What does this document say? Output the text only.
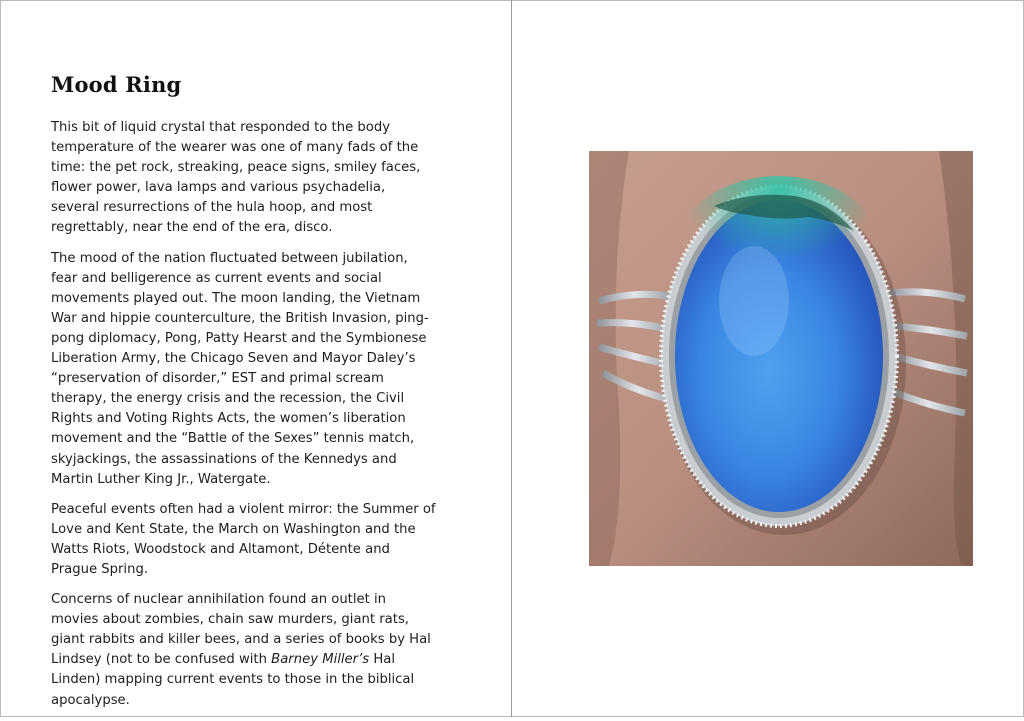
Mood Ring

This bit of liquid crystal that responded to the body temperature of the wearer was one of many fads of the time: the pet rock, streaking, peace signs, smiley faces, flower power, lava lamps and various psychadelia, several resurrections of the hula hoop, and most regrettably, near the end of the era, disco.

The mood of the nation fluctuated between jubilation, fear and belligerence as current events and social movements played out. The moon landing, the Vietnam War and hippie counterculture, the British Invasion, ping-pong diplomacy, Pong, Patty Hearst and the Symbionese Liberation Army, the Chicago Seven and Mayor Daley’s “preservation of disorder,” EST and primal scream therapy, the energy crisis and the recession, the Civil Rights and Voting Rights Acts, the women’s liberation movement and the “Battle of the Sexes” tennis match, skyjackings, the assassinations of the Kennedys and Martin Luther King Jr., Watergate.

Peaceful events often had a violent mirror: the Summer of Love and Kent State, the March on Washington and the Watts Riots, Woodstock and Altamont, Détente and Prague Spring.

Concerns of nuclear annihilation found an outlet in movies about zombies, chain saw murders, giant rats, giant rabbits and killer bees, and a series of books by Hal Lindsey (not to be confused with Barney Miller’s Hal Linden) mapping current events to those in the biblical apocalypse.
